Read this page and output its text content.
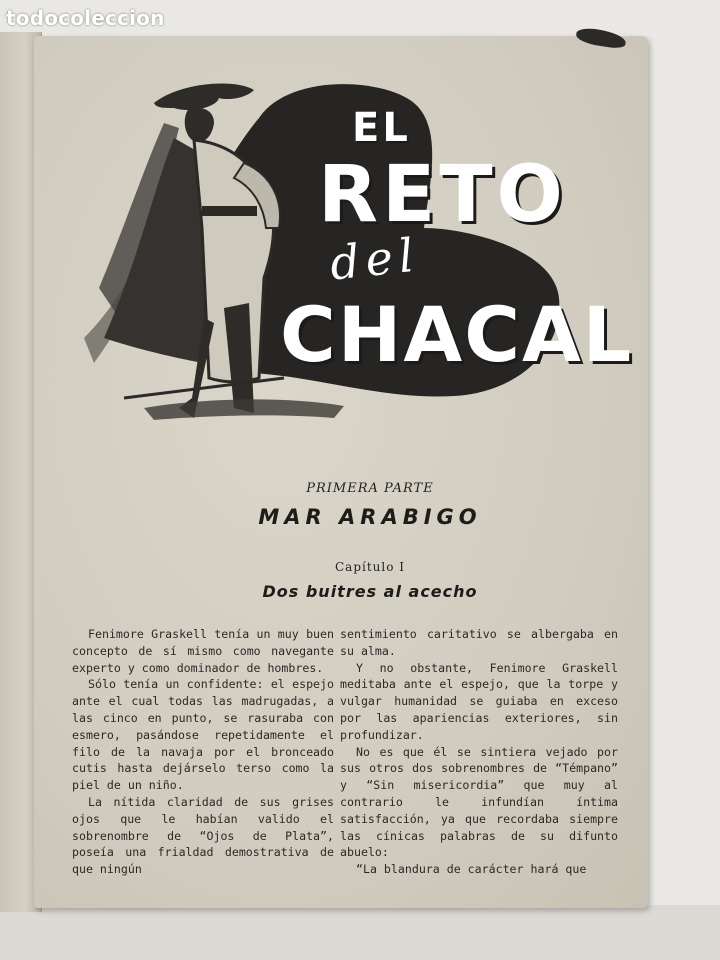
todocoleccion
EL
RETO
del
CHACAL
PRIMERA PARTE
MAR ARABIGO
Capítulo I
Dos buitres al acecho

Fenimore Graskell tenía un muy buen concepto de sí mismo como navegante experto y como dominador de hombres.

Sólo tenía un confidente: el espejo ante el cual todas las madrugadas, a las cinco en punto, se rasuraba con esmero, pasándose repetidamente el filo de la navaja por el bronceado cutis hasta dejárselo terso como la piel de un niño.

La nítida claridad de sus grises ojos que le habían valido el sobrenombre de “Ojos de Plata”, poseía una frialdad demostrativa de que ningún

sentimiento caritativo se albergaba en su alma.

Y no obstante, Fenimore Graskell meditaba ante el espejo, que la torpe y vulgar humanidad se guiaba en exceso por las apariencias exteriores, sin profundizar.

No es que él se sintiera vejado por sus otros dos sobrenombres de “Témpano” y “Sin misericordia” que muy al contrario le infundían íntima satisfacción, ya que recordaba siempre las cínicas palabras de su difunto abuelo:

“La blandura de carácter hará que
